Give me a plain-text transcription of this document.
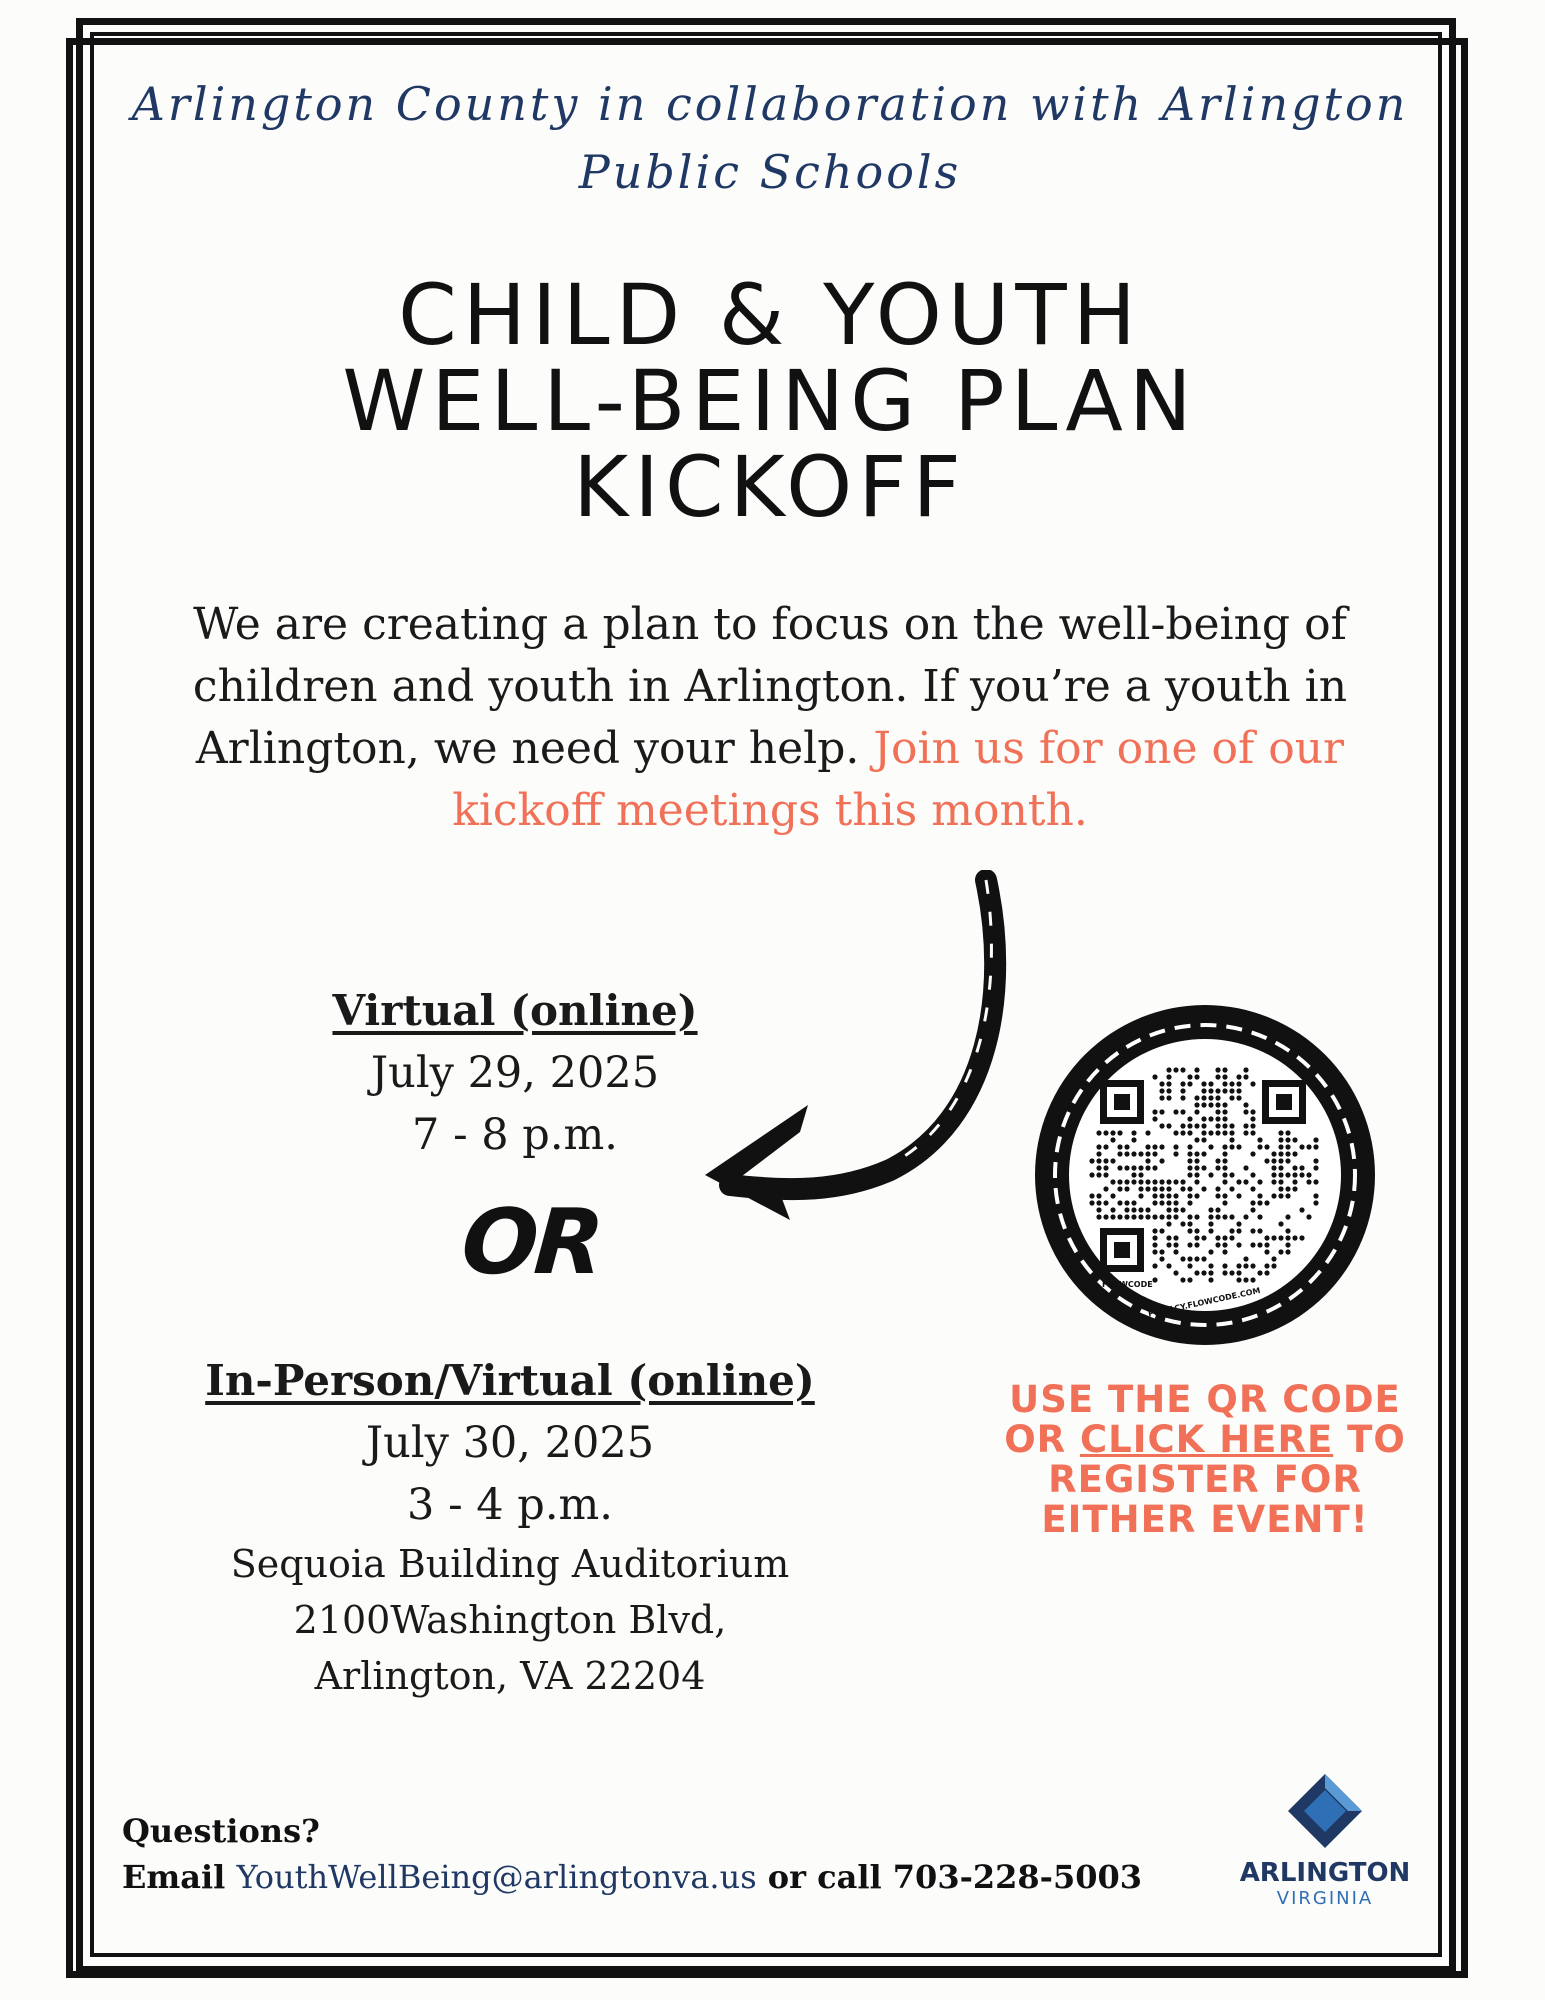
Arlington County in collaboration with Arlington
Public Schools
CHILD & YOUTH
WELL-BEING PLAN
KICKOFF
We are creating a plan to focus on the well-being of
children and youth in Arlington. If you’re a youth in
Arlington, we need your help. Join us for one of our
kickoff meetings this month.
Virtual (online)
July 29, 2025
7 - 8 p.m.
OR
In-Person/Virtual (online)
July 30, 2025
3 - 4 p.m.
Sequoia Building Auditorium
2100Washington Blvd,
Arlington, VA 22204
FLOWCODE
PRIVACY.FLOWCODE.COM
USE THE QR CODE
OR CLICK HERE TO
REGISTER FOR
EITHER EVENT!
Questions?
Email YouthWellBeing@arlingtonva.us or call 703-228-5003	ARLINGTON
VIRGINIA
